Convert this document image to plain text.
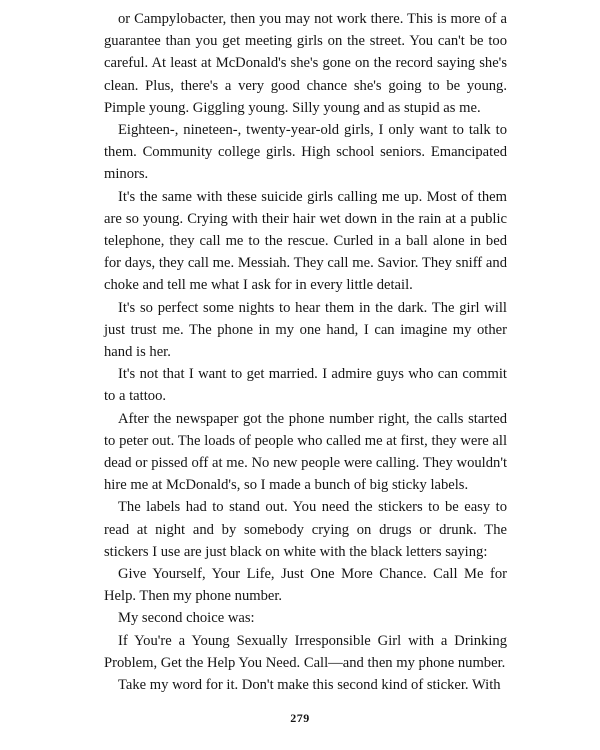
or Campylobacter, then you may not work there. This is more of a guarantee than you get meeting girls on the street. You can't be too careful. At least at McDonald's she's gone on the record saying she's clean. Plus, there's a very good chance she's going to be young. Pimple young. Giggling young. Silly young and as stupid as me.

Eighteen-, nineteen-, twenty-year-old girls, I only want to talk to them. Community college girls. High school seniors. Emancipated minors.

It's the same with these suicide girls calling me up. Most of them are so young. Crying with their hair wet down in the rain at a public telephone, they call me to the rescue. Curled in a ball alone in bed for days, they call me. Messiah. They call me. Savior. They sniff and choke and tell me what I ask for in every little detail.

It's so perfect some nights to hear them in the dark. The girl will just trust me. The phone in my one hand, I can imagine my other hand is her.

It's not that I want to get married. I admire guys who can commit to a tattoo.

After the newspaper got the phone number right, the calls started to peter out. The loads of people who called me at first, they were all dead or pissed off at me. No new people were calling. They wouldn't hire me at McDonald's, so I made a bunch of big sticky labels.

The labels had to stand out. You need the stickers to be easy to read at night and by somebody crying on drugs or drunk. The stickers I use are just black on white with the black letters saying:

Give Yourself, Your Life, Just One More Chance. Call Me for Help. Then my phone number.

My second choice was:

If You're a Young Sexually Irresponsible Girl with a Drinking Problem, Get the Help You Need. Call—and then my phone number.

Take my word for it. Don't make this second kind of sticker. With

279
